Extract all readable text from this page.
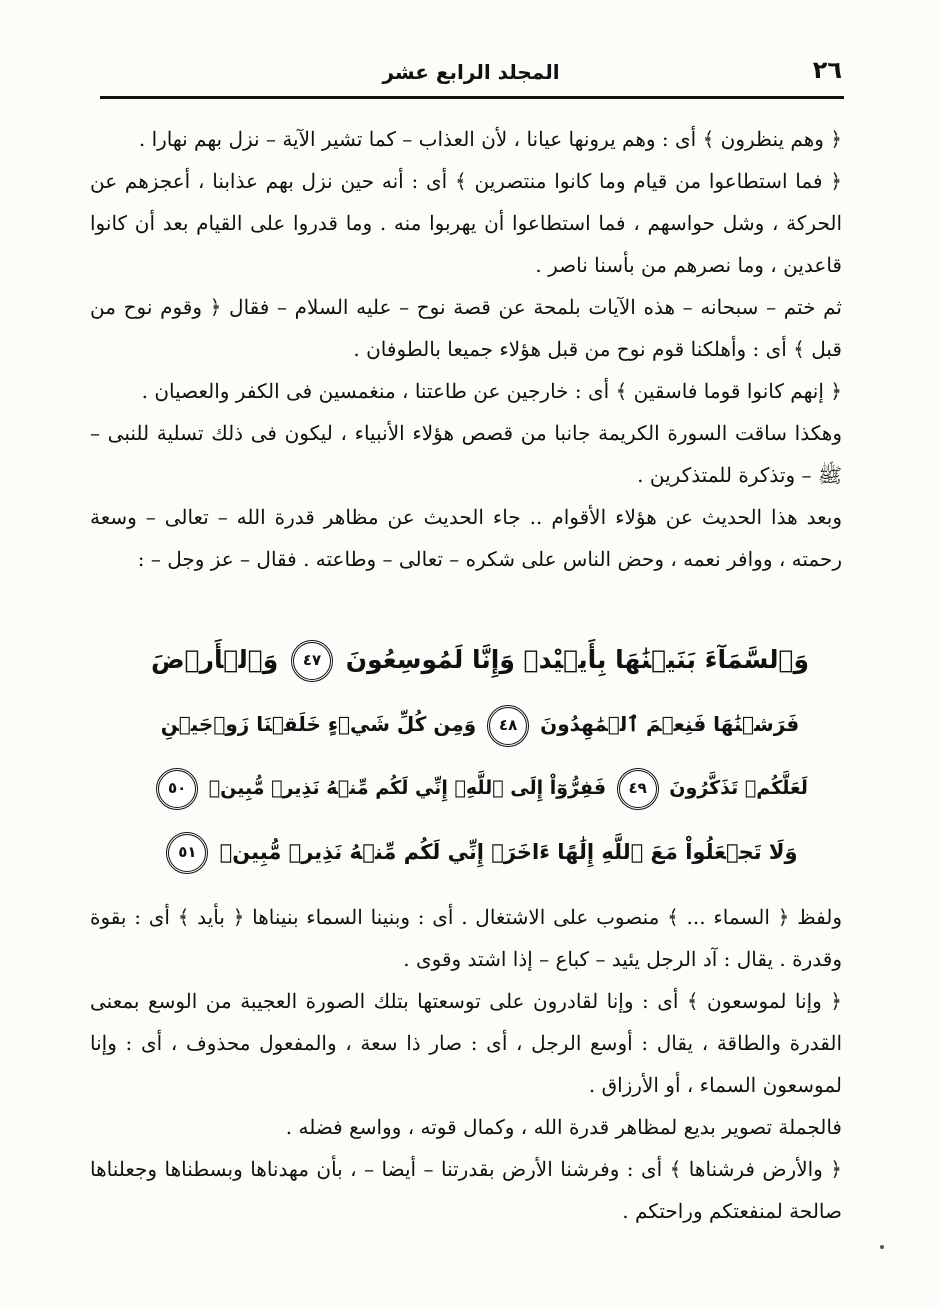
٢٦
المجلد الرابع عشر

﴿ وهم ينظرون ﴾ أى : وهم يرونها عيانا ، لأن العذاب – كما تشير الآية – نزل بهم نهارا .

﴿ فما استطاعوا من قيام وما كانوا منتصرين ﴾ أى : أنه حين نزل بهم عذابنا ، أعجزهم عن الحركة ، وشل حواسهم ، فما استطاعوا أن يهربوا منه . وما قدروا على القيام بعد أن كانوا قاعدين ، وما نصرهم من بأسنا ناصر .

ثم ختم – سبحانه – هذه الآيات بلمحة عن قصة نوح – عليه السلام – فقال ﴿ وقوم نوح من قبل ﴾ أى : وأهلكنا قوم نوح من قبل هؤلاء جميعا بالطوفان .

﴿ إنهم كانوا قوما فاسقين ﴾ أى : خارجين عن طاعتنا ، منغمسين فى الكفر والعصيان .

وهكذا ساقت السورة الكريمة جانبا من قصص هؤلاء الأنبياء ، ليكون فى ذلك تسلية للنبى – ﷺ – وتذكرة للمتذكرين .

وبعد هذا الحديث عن هؤلاء الأقوام .. جاء الحديث عن مظاهر قدرة الله – تعالى – وسعة رحمته ، ووافر نعمه ، وحض الناس على شكره – تعالى – وطاعته . فقال – عز وجل – :

وَٱلسَّمَآءَ بَنَيۡنَٰهَا بِأَيۡيْدٖ وَإِنَّا لَمُوسِعُونَ ٤٧ وَٱلۡأَرۡضَ
فَرَشۡنَٰهَا فَنِعۡمَ ٱلۡمَٰهِدُونَ ٤٨ وَمِن كُلِّ شَيۡءٍ خَلَقۡنَا زَوۡجَيۡنِ
لَعَلَّكُمۡ تَذَكَّرُونَ ٤٩ فَفِرُّوٓاْ إِلَى ٱللَّهِۖ إِنِّي لَكُم مِّنۡهُ نَذِيرٞ مُّبِينٞ ٥٠
وَلَا تَجۡعَلُواْ مَعَ ٱللَّهِ إِلَٰهًا ءَاخَرَۖ إِنِّي لَكُم مِّنۡهُ نَذِيرٞ مُّبِينٞ ٥١

ولفظ ﴿ السماء ... ﴾ منصوب على الاشتغال . أى : وبنينا السماء بنيناها ﴿ بأيد ﴾ أى : بقوة وقدرة . يقال : آد الرجل يئيد – كباع – إذا اشتد وقوى .

﴿ وإنا لموسعون ﴾ أى : وإنا لقادرون على توسعتها بتلك الصورة العجيبة من الوسع بمعنى القدرة والطاقة ، يقال : أوسع الرجل ، أى : صار ذا سعة ، والمفعول محذوف ، أى : وإنا لموسعون السماء ، أو الأرزاق .

فالجملة تصوير بديع لمظاهر قدرة الله ، وكمال قوته ، وواسع فضله .

﴿ والأرض فرشناها ﴾ أى : وفرشنا الأرض بقدرتنا – أيضا – ، بأن مهدناها وبسطناها وجعلناها صالحة لمنفعتكم وراحتكم .
